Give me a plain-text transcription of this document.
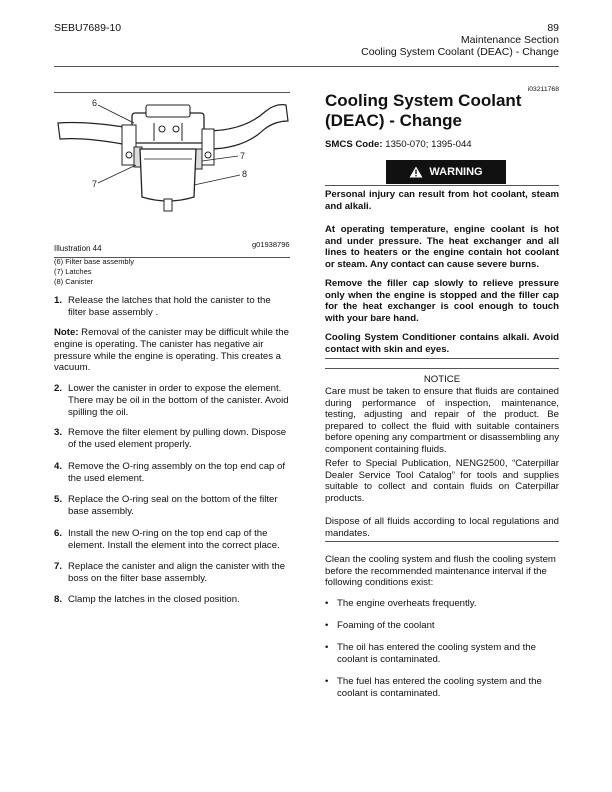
SEBU7689-10	89
Maintenance Section
Cooling System Coolant (DEAC) - Change
6
7
7
8
g01938796
Illustration 44
(6) Filter base assembly
(7) Latches
(8) Canister
1. Release the latches that hold the canister to the filter base assembly .
Note: Removal of the canister may be difficult while the engine is operating. The canister has negative air pressure while the engine is operating. This creates a vacuum.
2. Lower the canister in order to expose the element. There may be oil in the bottom of the canister. Avoid spilling the oil.
3. Remove the filter element by pulling down. Dispose of the used element properly.
4. Remove the O-ring assembly on the top end cap of the used element.
5. Replace the O-ring seal on the bottom of the filter base assembly.
6. Install the new O-ring on the top end cap of the element. Install the element into the correct place.
7. Replace the canister and align the canister with the boss on the filter base assembly.
8. Clamp the latches in the closed position.
i03211768
Cooling System Coolant (DEAC) - Change
SMCS Code: 1350-070; 1395-044
WARNING
Personal injury can result from hot coolant, steam and alkali.
At operating temperature, engine coolant is hot and under pressure. The heat exchanger and all lines to heaters or the engine contain hot coolant or steam. Any contact can cause severe burns.
Remove the filler cap slowly to relieve pressure only when the engine is stopped and the filler cap for the heat exchanger is cool enough to touch with your bare hand.
Cooling System Conditioner contains alkali. Avoid contact with skin and eyes.
NOTICE
Care must be taken to ensure that fluids are contained during performance of inspection, maintenance, testing, adjusting and repair of the product. Be prepared to collect the fluid with suitable containers before opening any compartment or disassembling any component containing fluids.
Refer to Special Publication, NENG2500, “Caterpillar Dealer Service Tool Catalog” for tools and supplies suitable to collect and contain fluids on Caterpillar products.
Dispose of all fluids according to local regulations and mandates.
Clean the cooling system and flush the cooling system before the recommended maintenance interval if the following conditions exist:
• The engine overheats frequently.
• Foaming of the coolant
• The oil has entered the cooling system and the coolant is contaminated.
• The fuel has entered the cooling system and the coolant is contaminated.
